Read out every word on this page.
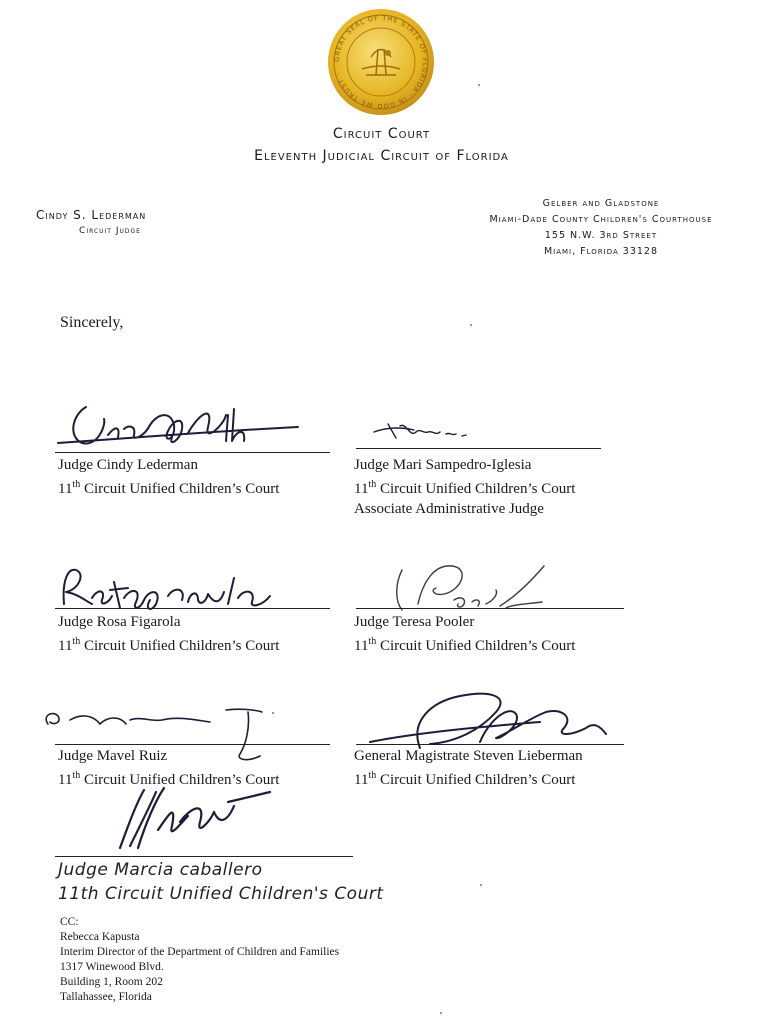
GREAT SEAL OF THE STATE OF FLORIDA · IN GOD WE TRUST ·
Circuit Court
Eleventh Judicial Circuit of Florida
Cindy S. Lederman
Circuit Judge
Gelber and Gladstone
Miami-Dade County Children's Courthouse
155 N.W. 3rd Street
Miami, Florida 33128
Sincerely,
Judge Cindy Lederman
11th Circuit Unified Children’s Court
Judge Mari Sampedro-Iglesia
11th Circuit Unified Children’s Court
Associate Administrative Judge
Judge Rosa Figarola
11th Circuit Unified Children’s Court
Judge Teresa Pooler
11th Circuit Unified Children’s Court
Judge Mavel Ruiz
11th Circuit Unified Children’s Court
General Magistrate Steven Lieberman
11th Circuit Unified Children’s Court
Judge Marcia caballero
11th Circuit Unified Children's Court
CC:
Rebecca Kapusta
Interim Director of the Department of Children and Families
1317 Winewood Blvd.
Building 1, Room 202
Tallahassee, Florida
